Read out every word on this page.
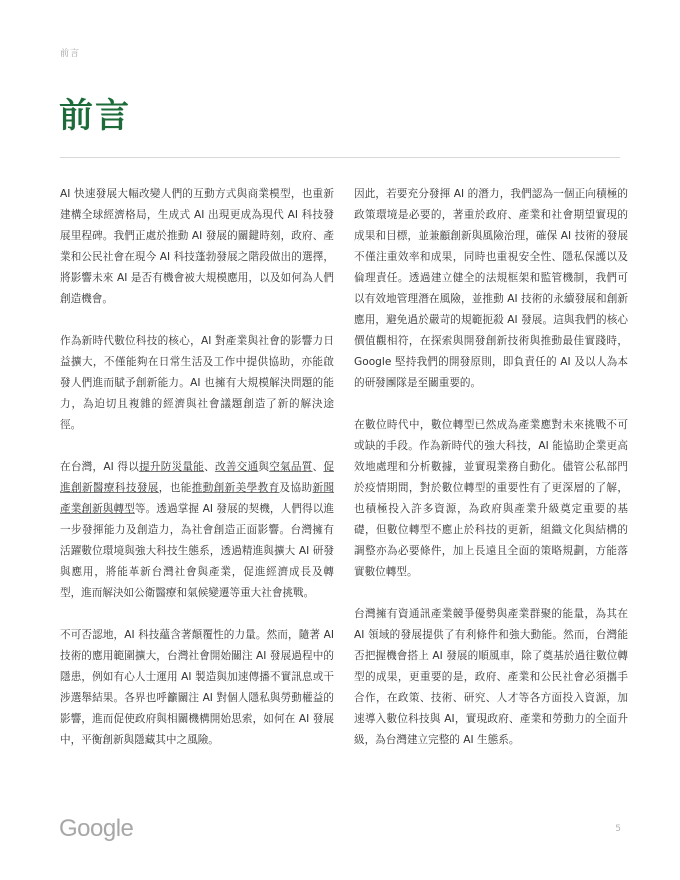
前言
前言

AI 快速發展大幅改變人們的互動方式與商業模型，也重新建構全球經濟格局，生成式 AI 出現更成為現代 AI 科技發展里程碑。我們正處於推動 AI 發展的關鍵時刻，政府、產業和公民社會在現今 AI 科技蓬勃發展之階段做出的選擇，將影響未來 AI 是否有機會被大規模應用，以及如何為人們創造機會。

作為新時代數位科技的核心，AI 對產業與社會的影響力日益擴大，不僅能夠在日常生活及工作中提供協助，亦能啟發人們進而賦予創新能力。AI 也擁有大規模解決問題的能力，為迫切且複雜的經濟與社會議題創造了新的解決途徑。

在台灣，AI 得以提升防災量能、改善交通與空氣品質、促進創新醫療科技發展，也能推動創新美學教育及協助新聞產業創新與轉型等。透過掌握 AI 發展的契機，人們得以進一步發揮能力及創造力，為社會創造正面影響。台灣擁有活躍數位環境與強大科技生態系，透過精進與擴大 AI 研發與應用，將能革新台灣社會與產業，促進經濟成長及轉型，進而解決如公衛醫療和氣候變遷等重大社會挑戰。

不可否認地，AI 科技蘊含著顛覆性的力量。然而，隨著 AI 技術的應用範圍擴大，台灣社會開始關注 AI 發展過程中的隱患，例如有心人士運用 AI 製造與加速傳播不實訊息或干涉選舉結果。各界也呼籲關注 AI 對個人隱私與勞動權益的影響，進而促使政府與相關機構開始思索，如何在 AI 發展中，平衡創新與隱藏其中之風險。

因此，若要充分發揮 AI 的潛力，我們認為一個正向積極的政策環境是必要的，著重於政府、產業和社會期望實現的成果和目標，並兼顧創新與風險治理，確保 AI 技術的發展不僅注重效率和成果，同時也重視安全性、隱私保護以及倫理責任。透過建立健全的法規框架和監管機制，我們可以有效地管理潛在風險，並推動 AI 技術的永續發展和創新應用，避免過於嚴苛的規範扼殺 AI 發展。這與我們的核心價值觀相符，在探索與開發創新技術與推動最佳實踐時，Google 堅持我們的開發原則，即負責任的 AI 及以人為本的研發團隊是至關重要的。

在數位時代中，數位轉型已然成為產業應對未來挑戰不可或缺的手段。作為新時代的強大科技，AI 能協助企業更高效地處理和分析數據，並實現業務自動化。儘管公私部門於疫情期間，對於數位轉型的重要性有了更深層的了解，也積極投入許多資源，為政府與產業升級奠定重要的基礎，但數位轉型不應止於科技的更新，組織文化與結構的調整亦為必要條件，加上長遠且全面的策略規劃，方能落實數位轉型。

台灣擁有資通訊產業競爭優勢與產業群聚的能量，為其在 AI 領域的發展提供了有利條件和強大動能。然而，台灣能否把握機會搭上 AI 發展的順風車，除了奠基於過往數位轉型的成果，更重要的是，政府、產業和公民社會必須攜手合作，在政策、技術、研究、人才等各方面投入資源，加速導入數位科技與 AI，實現政府、產業和勞動力的全面升級，為台灣建立完整的 AI 生態系。

Google	5
